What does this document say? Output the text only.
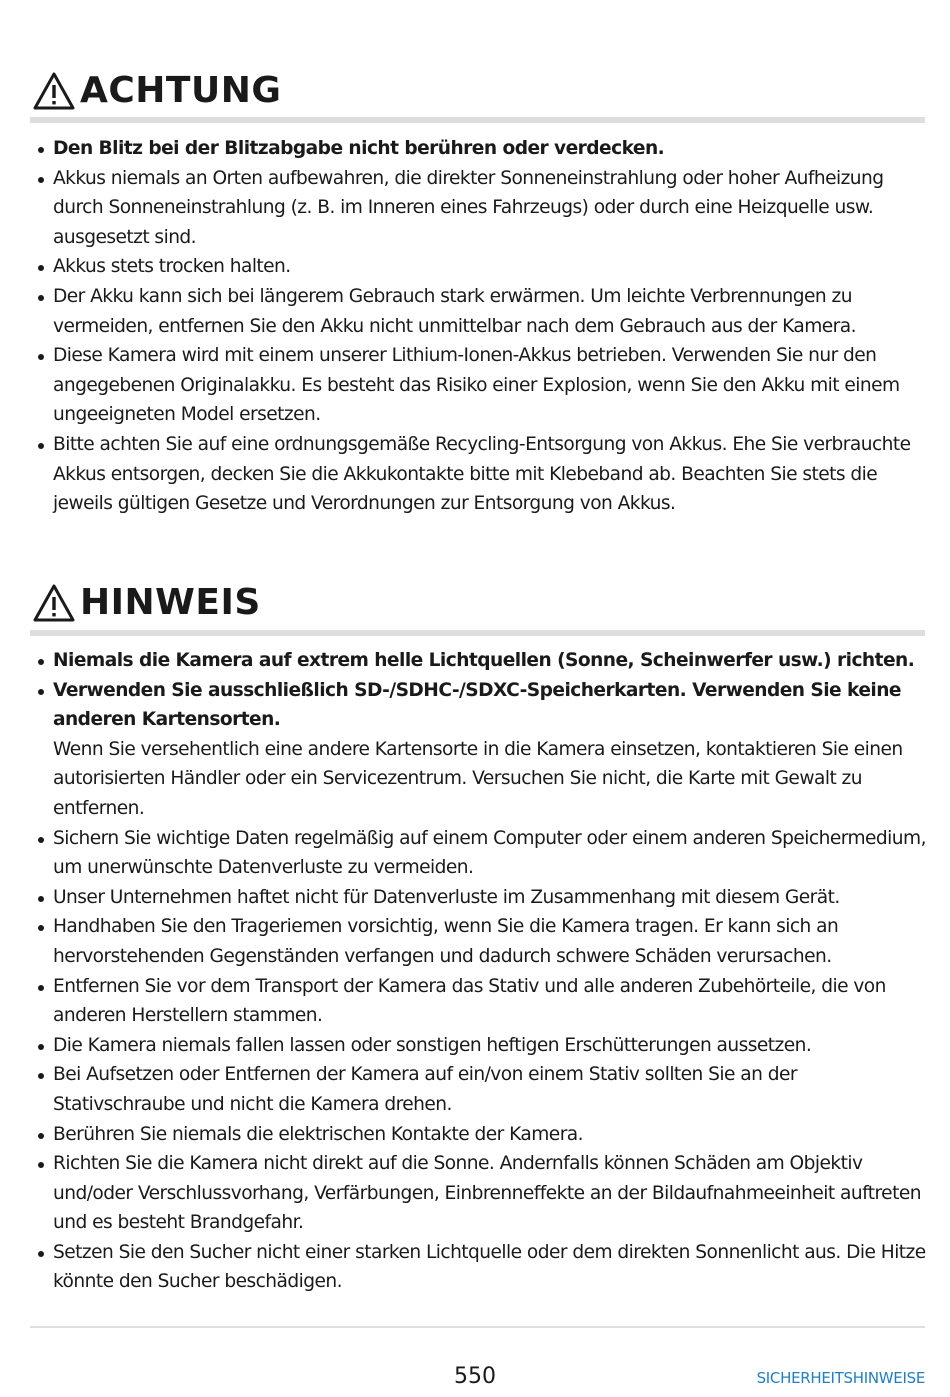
ACHTUNG
Den Blitz bei der Blitzabgabe nicht berühren oder verdecken.
Akkus niemals an Orten aufbewahren, die direkter Sonneneinstrahlung oder hoher Aufheizung durch Sonneneinstrahlung (z. B. im Inneren eines Fahrzeugs) oder durch eine Heizquelle usw. ausgesetzt sind.
Akkus stets trocken halten.
Der Akku kann sich bei längerem Gebrauch stark erwärmen. Um leichte Verbrennungen zu vermeiden, entfernen Sie den Akku nicht unmittelbar nach dem Gebrauch aus der Kamera.
Diese Kamera wird mit einem unserer Lithium-Ionen-Akkus betrieben. Verwenden Sie nur den angegebenen Originalakku. Es besteht das Risiko einer Explosion, wenn Sie den Akku mit einem ungeeigneten Model ersetzen.
Bitte achten Sie auf eine ordnungsgemäße Recycling-Entsorgung von Akkus. Ehe Sie verbrauchte Akkus entsorgen, decken Sie die Akkukontakte bitte mit Klebeband ab. Beachten Sie stets die jeweils gültigen Gesetze und Verordnungen zur Entsorgung von Akkus.
HINWEIS
Niemals die Kamera auf extrem helle Lichtquellen (Sonne, Scheinwerfer usw.) richten.
Verwenden Sie ausschließlich SD-/SDHC-/SDXC-Speicherkarten. Verwenden Sie keine anderen Kartensorten.
Wenn Sie versehentlich eine andere Kartensorte in die Kamera einsetzen, kontaktieren Sie einen autorisierten Händler oder ein Servicezentrum. Versuchen Sie nicht, die Karte mit Gewalt zu entfernen.
Sichern Sie wichtige Daten regelmäßig auf einem Computer oder einem anderen Speichermedium, um unerwünschte Datenverluste zu vermeiden.
Unser Unternehmen haftet nicht für Datenverluste im Zusammenhang mit diesem Gerät.
Handhaben Sie den Trageriemen vorsichtig, wenn Sie die Kamera tragen. Er kann sich an hervorstehenden Gegenständen verfangen und dadurch schwere Schäden verursachen.
Entfernen Sie vor dem Transport der Kamera das Stativ und alle anderen Zubehörteile, die von anderen Herstellern stammen.
Die Kamera niemals fallen lassen oder sonstigen heftigen Erschütterungen aussetzen.
Bei Aufsetzen oder Entfernen der Kamera auf ein/von einem Stativ sollten Sie an der Stativschraube und nicht die Kamera drehen.
Berühren Sie niemals die elektrischen Kontakte der Kamera.
Richten Sie die Kamera nicht direkt auf die Sonne. Andernfalls können Schäden am Objektiv und/oder Verschlussvorhang, Verfärbungen, Einbrenneffekte an der Bildaufnahmeeinheit auftreten und es besteht Brandgefahr.
Setzen Sie den Sucher nicht einer starken Lichtquelle oder dem direkten Sonnenlicht aus. Die Hitze könnte den Sucher beschädigen.
550	SICHERHEITSHINWEISE
